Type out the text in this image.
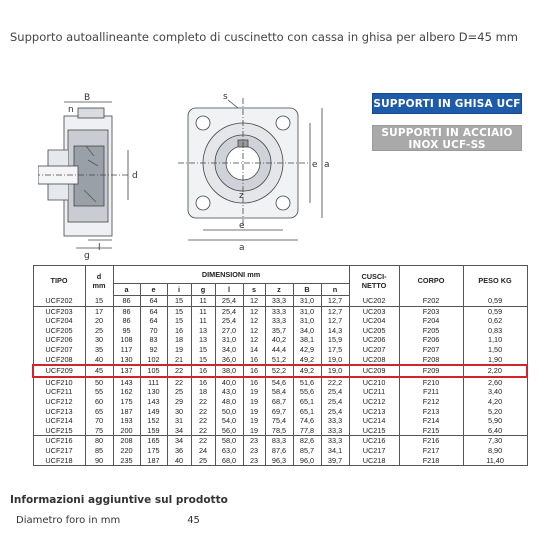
Supporto autoallineante completo di cuscinetto con cassa in ghisa per albero D=45 mm
B
n
d
l
g
s
z
e a
e
a
SUPPORTI IN GHISA UCF
SUPPORTI IN ACCIAIO
INOX UCF-SS
TIPO	d
mm	DIMENSIONI mm									CUSCI-
NETTO	CORPO	PESO KG
		a	e	i	g	l	s	z	B	n			
UCF202	15	86	64	15	11	25,4	12	33,3	31,0	12,7	UC202	F202	0,59
UCF203	17	86	64	15	11	25,4	12	33,3	31,0	12,7	UC203	F203	0,59
UCF204	20	86	64	15	11	25,4	12	33,3	31,0	12,7	UC204	F204	0,62
UCF205	25	95	70	16	13	27,0	12	35,7	34,0	14,3	UC205	F205	0,83
UCF206	30	108	83	18	13	31,0	12	40,2	38,1	15,9	UC206	F206	1,10
UCF207	35	117	92	19	15	34,0	14	44,4	42,9	17,5	UC207	F207	1,50
UCF208	40	130	102	21	15	36,0	16	51,2	49,2	19,0	UC208	F208	1,90
UCF209	45	137	105	22	16	38,0	16	52,2	49,2	19,0	UC209	F209	2,20
UCF210	50	143	111	22	16	40,0	16	54,6	51,6	22,2	UC210	F210	2,60
UCF211	55	162	130	25	18	43,0	19	58,4	55,6	25,4	UC211	F211	3,40
UCF212	60	175	143	29	22	48,0	19	68,7	65,1	25,4	UC212	F212	4,20
UCF213	65	187	149	30	22	50,0	19	69,7	65,1	25,4	UC213	F213	5,20
UCF214	70	193	152	31	22	54,0	19	75,4	74,6	33,3	UC214	F214	5,90
UCF215	75	200	159	34	22	56,0	19	78,5	77,8	33,3	UC215	F215	6,40
UCF216	80	208	165	34	22	58,0	23	83,3	82,6	33,3	UC216	F216	7,30
UCF217	85	220	175	36	24	63,0	23	87,6	85,7	34,1	UC217	F217	8,90
UCF218	90	235	187	40	25	68,0	23	96,3	96,0	39,7	UC218	F218	11,40
Informazioni aggiuntive sul prodotto
Diametro foro in mm	45
